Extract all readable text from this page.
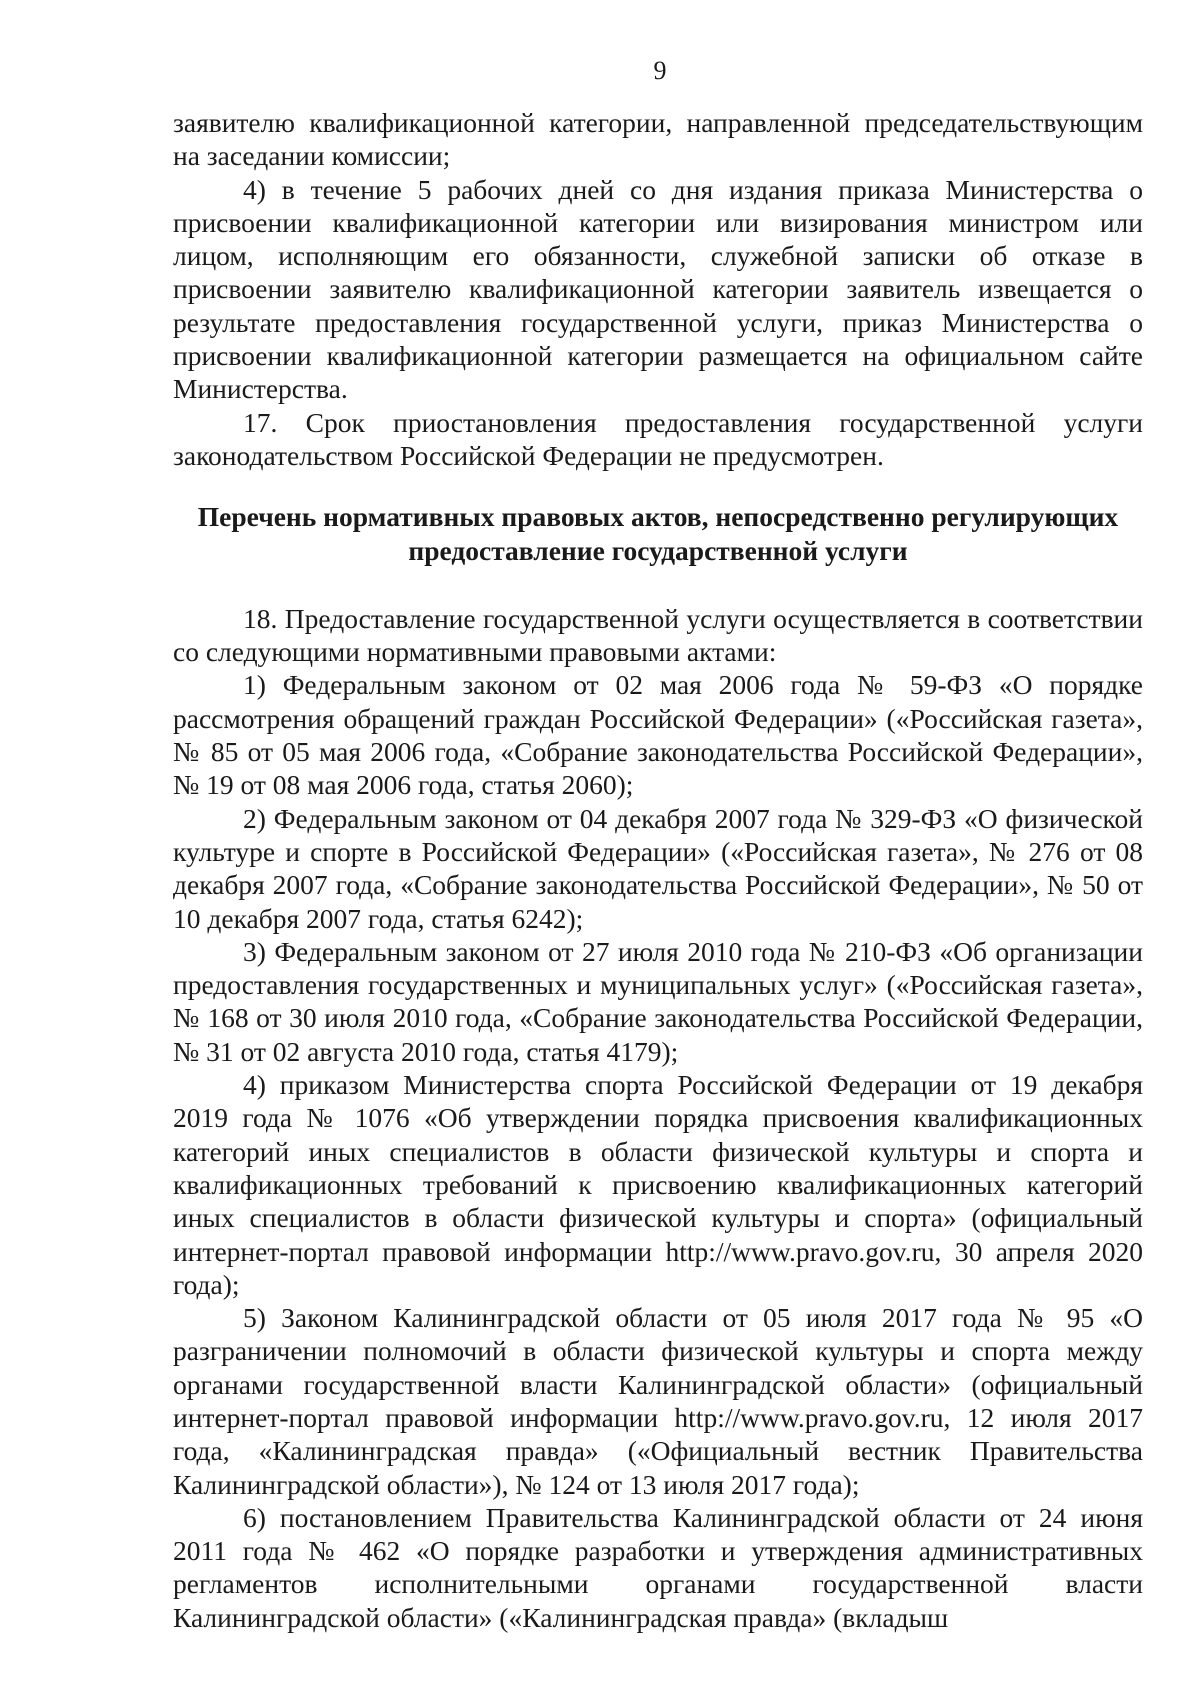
9

заявителю квалификационной категории, направленной председательствующим на заседании комиссии;

4) в течение 5 рабочих дней со дня издания приказа Министерства о присвоении квалификационной категории или визирования министром или лицом, исполняющим его обязанности, служебной записки об отказе в присвоении заявителю квалификационной категории заявитель извещается о результате предоставления государственной услуги, приказ Министерства о присвоении квалификационной категории размещается на официальном сайте Министерства.

17. Срок приостановления предоставления государственной услуги законодательством Российской Федерации не предусмотрен.

Перечень нормативных правовых актов, непосредственно регулирующих предоставление государственной услуги

18. Предоставление государственной услуги осуществляется в соответствии со следующими нормативными правовыми актами:

1) Федеральным законом от 02 мая 2006 года № 59-ФЗ «О порядке рассмотрения обращений граждан Российской Федерации» («Российская газета», № 85 от 05 мая 2006 года, «Собрание законодательства Российской Федерации», № 19 от 08 мая 2006 года, статья 2060);

2) Федеральным законом от 04 декабря 2007 года № 329-ФЗ «О физической культуре и спорте в Российской Федерации» («Российская газета», № 276 от 08 декабря 2007 года, «Собрание законодательства Российской Федерации», № 50 от 10 декабря 2007 года, статья 6242);

3) Федеральным законом от 27 июля 2010 года № 210-ФЗ «Об организации предоставления государственных и муниципальных услуг» («Российская газета», № 168 от 30 июля 2010 года, «Собрание законодательства Российской Федерации, № 31 от 02 августа 2010 года, статья 4179);

4) приказом Министерства спорта Российской Федерации от 19 декабря 2019 года № 1076 «Об утверждении порядка присвоения квалификационных категорий иных специалистов в области физической культуры и спорта и квалификационных требований к присвоению квалификационных категорий иных специалистов в области физической культуры и спорта» (официальный интернет-портал правовой информации http://www.pravo.gov.ru, 30 апреля 2020 года);

5) Законом Калининградской области от 05 июля 2017 года № 95 «О разграничении полномочий в области физической культуры и спорта между органами государственной власти Калининградской области» (официальный интернет-портал правовой информации http://www.pravo.gov.ru, 12 июля 2017 года, «Калининградская правда» («Официальный вестник Правительства Калининградской области»), № 124 от 13 июля 2017 года);

6) постановлением Правительства Калининградской области от 24 июня 2011 года № 462 «О порядке разработки и утверждения административных регламентов исполнительными органами государственной власти Калининградской области» («Калининградская правда» (вкладыш
